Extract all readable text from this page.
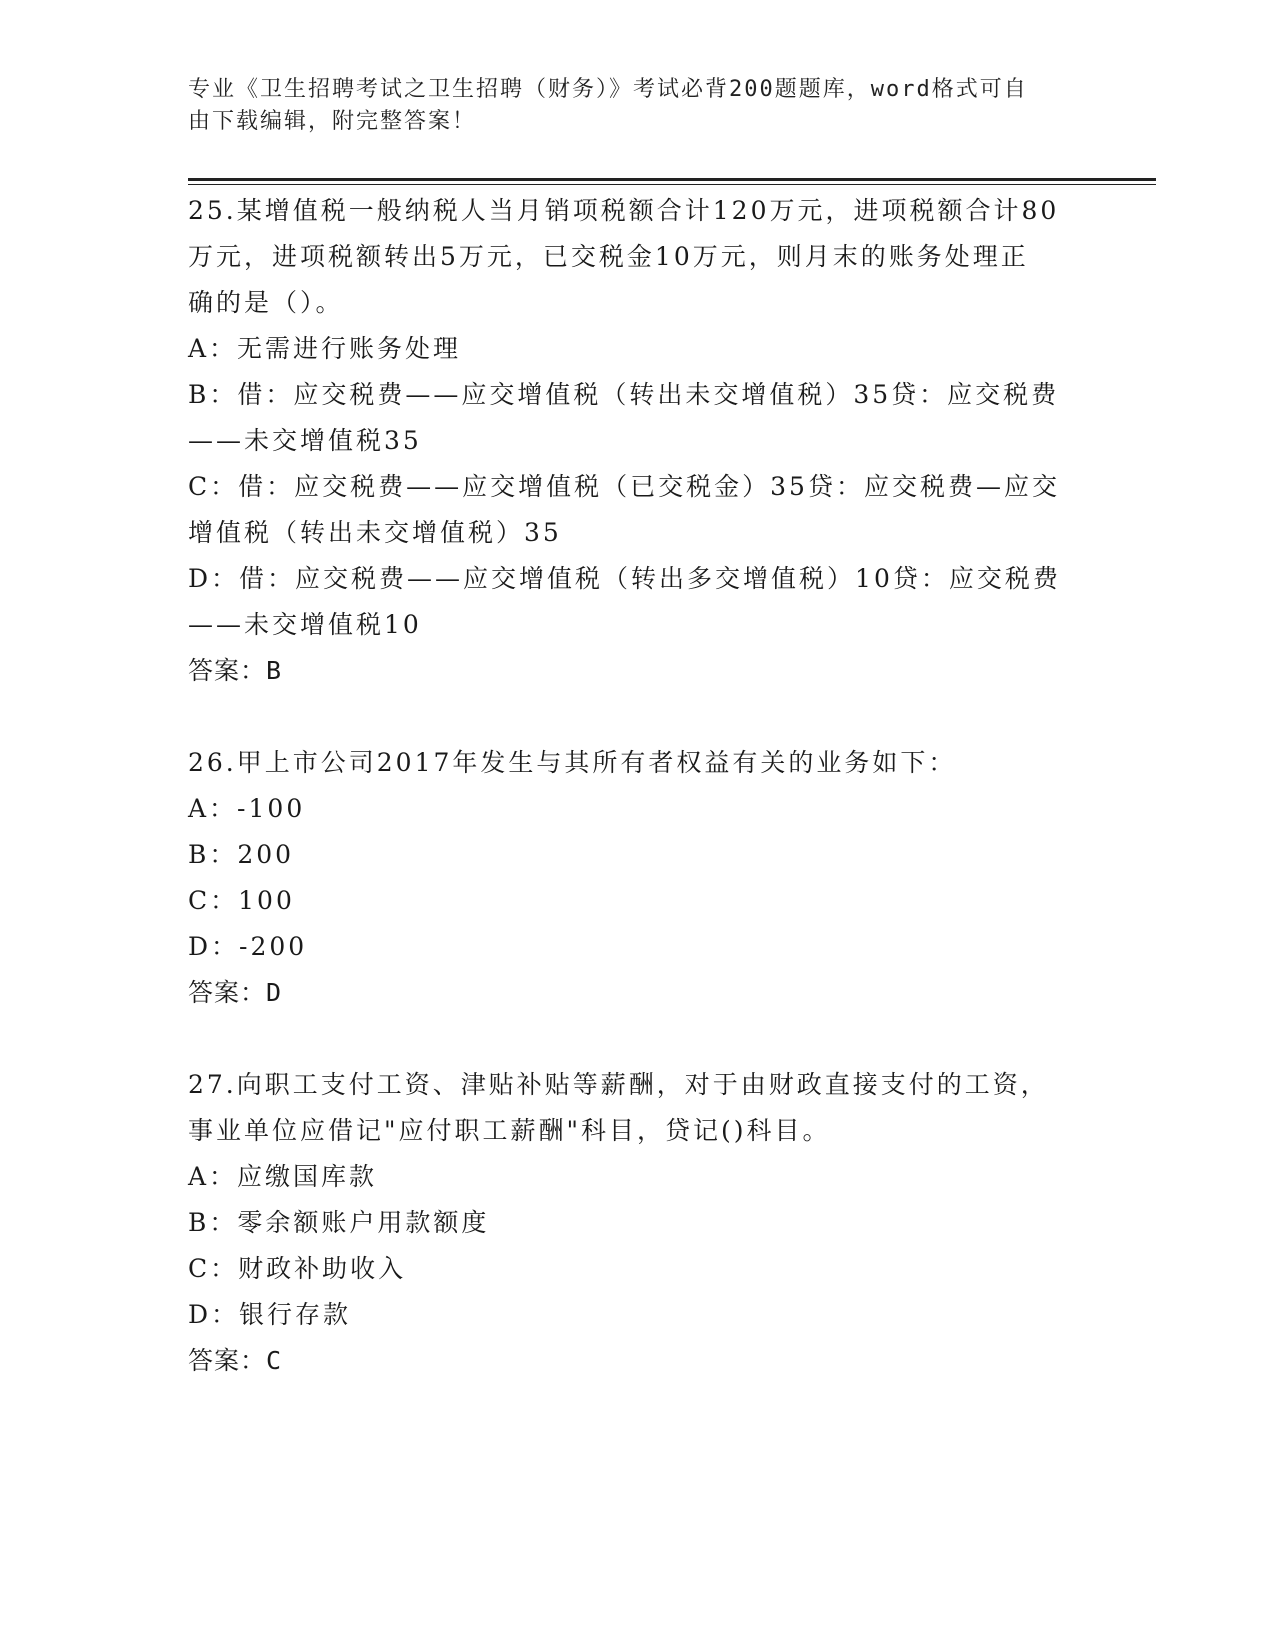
专业《卫生招聘考试之卫生招聘（财务）》考试必背200题题库，word格式可自
由下载编辑，附完整答案！
25.某增值税一般纳税人当月销项税额合计120万元，进项税额合计80
万元，进项税额转出5万元，已交税金10万元，则月末的账务处理正
确的是（）。
A：无需进行账务处理
B：借：应交税费——应交增值税（转出未交增值税）35贷：应交税费
——未交增值税35
C：借：应交税费——应交增值税（已交税金）35贷：应交税费—应交
增值税（转出未交增值税）35
D：借：应交税费——应交增值税（转出多交增值税）10贷：应交税费
——未交增值税10
答案：B
26.甲上市公司2017年发生与其所有者权益有关的业务如下：
A：-100
B：200
C：100
D：-200
答案：D
27.向职工支付工资、津贴补贴等薪酬，对于由财政直接支付的工资，
事业单位应借记"应付职工薪酬"科目，贷记()科目。
A：应缴国库款
B：零余额账户用款额度
C：财政补助收入
D：银行存款
答案：C
